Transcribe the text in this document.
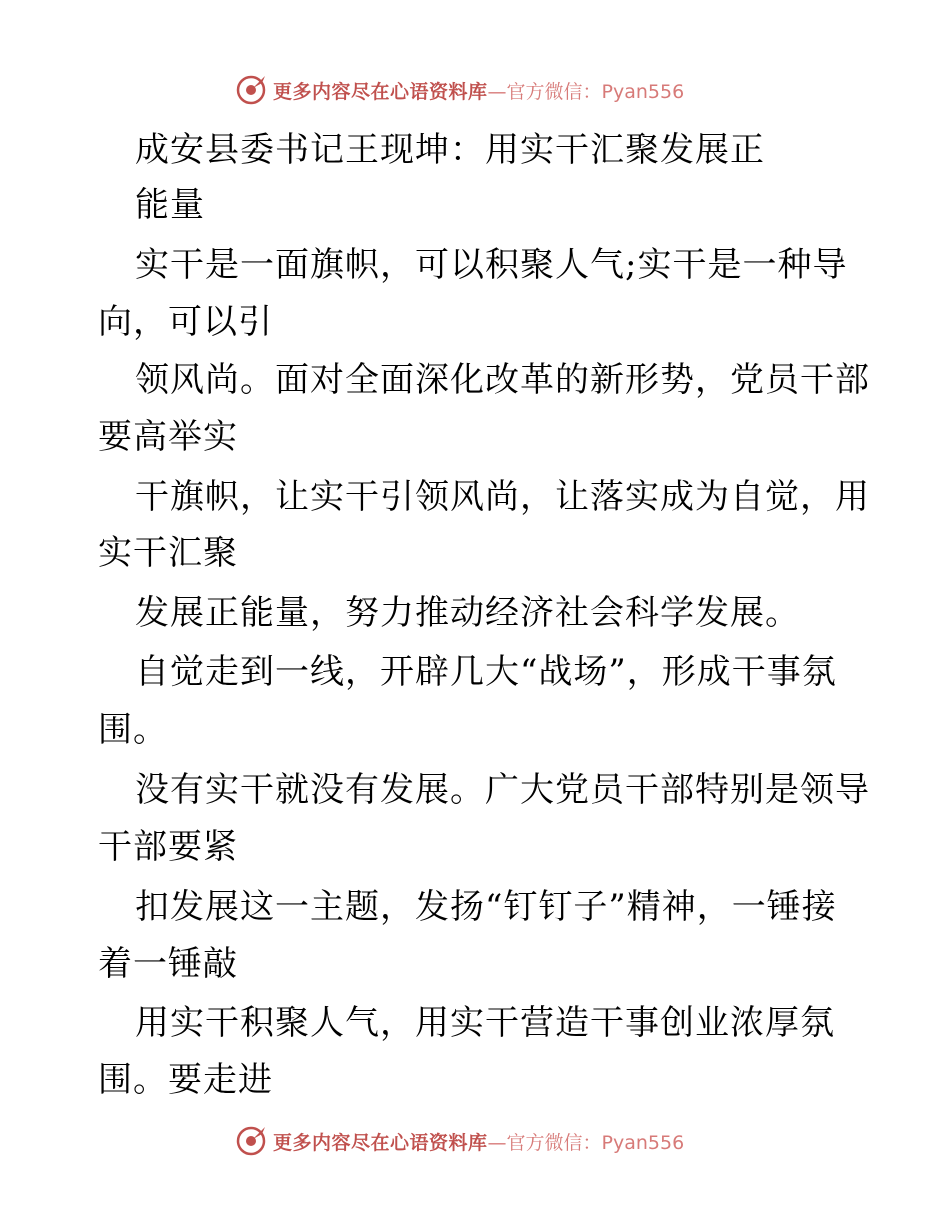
更多内容尽在心语资料库 —官方微信：Pyan556
成安县委书记王现坤：用实干汇聚发展正
能量
实干是一面旗帜，可以积聚人气;实干是一种导
向，可以引
领风尚。面对全面深化改革的新形势，党员干部
要高举实
干旗帜，让实干引领风尚，让落实成为自觉，用
实干汇聚
发展正能量，努力推动经济社会科学发展。
自觉走到一线，开辟几大“战场”，形成干事氛
围。
没有实干就没有发展。广大党员干部特别是领导
干部要紧
扣发展这一主题，发扬“钉钉子”精神，一锤接
着一锤敲
用实干积聚人气，用实干营造干事创业浓厚氛
围。要走进
更多内容尽在心语资料库 —官方微信：Pyan556
